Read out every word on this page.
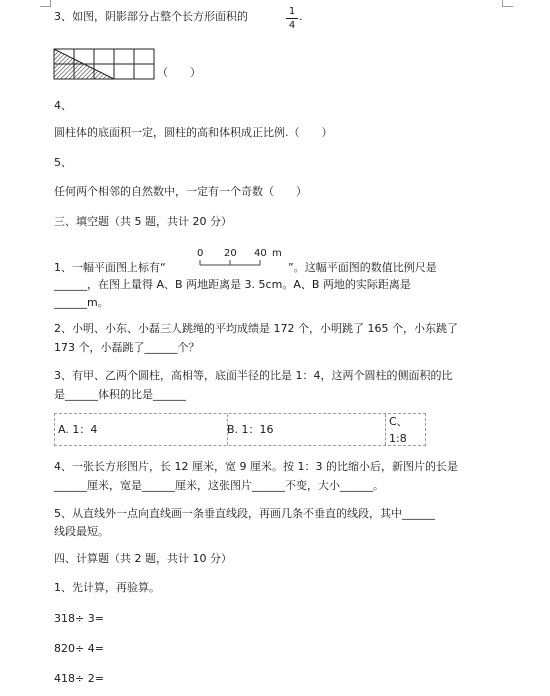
3、如图，阴影部分占整个长方形面积的	1
4
.
（　　）
4、
圆柱体的底面积一定，圆柱的高和体积成正比例.（　　）
5、
任何两个相邻的自然数中，一定有一个奇数（　　）
三、填空题（共 5 题，共计 20 分）
1、一幅平面图上标有“
0 20 40 m
”。这幅平面图的数值比例尺是
______，在图上量得 A、B 两地距离是 3. 5cm。A、B 两地的实际距离是
______m。
2、小明、小东、小磊三人跳绳的平均成绩是 172 个，小明跳了 165 个，小东跳了
173 个，小磊跳了______个？
3、有甲、乙两个圆柱，高相等，底面半径的比是 1：4，这两个圆柱的侧面积的比
是______体积的比是______
A. 1：4	B. 1：16
C、
1:8
4、一张长方形图片，长 12 厘米，宽 9 厘米。按 1：3 的比缩小后，新图片的长是
______厘米，宽是______厘米，这张图片______不变，大小______。
5、从直线外一点向直线画一条垂直线段，再画几条不垂直的线段，其中______
线段最短。
四、计算题（共 2 题，共计 10 分）
1、先计算，再验算。
318÷ 3=
820÷ 4=
418÷ 2=
